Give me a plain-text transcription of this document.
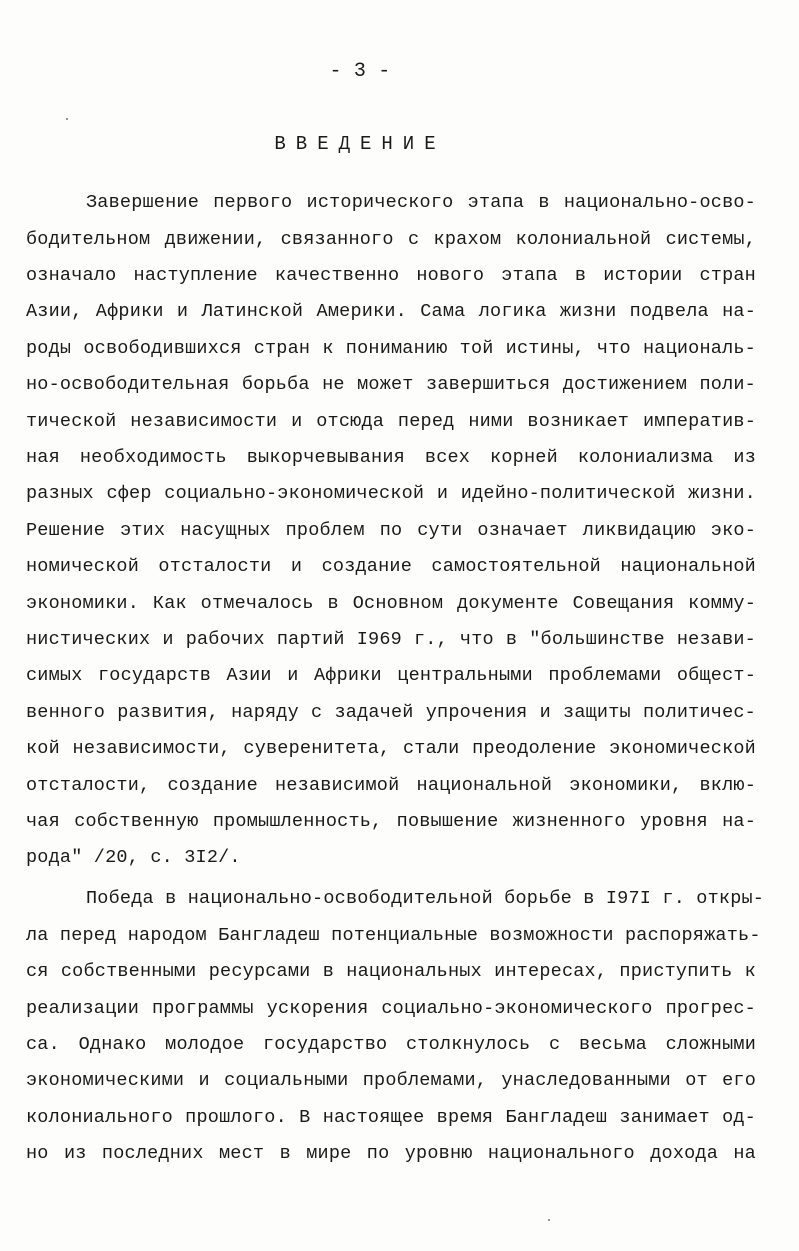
- 3 -
ВВЕДЕНИЕ
Завершение первого исторического этапа в национально-осво-
бодительном движении, связанного с крахом колониальной системы,
означало наступление качественно нового этапа в истории стран
Азии, Африки и Латинской Америки. Сама логика жизни подвела на-
роды освободившихся стран к пониманию той истины, что националь-
но-освободительная борьба не может завершиться достижением поли-
тической независимости и отсюда перед ними возникает императив-
ная необходимость выкорчевывания всех корней колониализма из
разных сфер социально-экономической и идейно-политической жизни.
Решение этих насущных проблем по сути означает ликвидацию эко-
номической отсталости и создание самостоятельной национальной
экономики. Как отмечалось в Основном документе Совещания комму-
нистических и рабочих партий I969 г., что в "большинстве незави-
симых государств Азии и Африки центральными проблемами общест-
венного развития, наряду с задачей упрочения и защиты политичес-
кой независимости, суверенитета, стали преодоление экономической
отсталости, создание независимой национальной экономики, вклю-
чая собственную промышленность, повышение жизненного уровня на-
рода" /20, с. 3I2/.
Победа в национально-освободительной борьбе в I97I г. откры-
ла перед народом Бангладеш потенциальные возможности распоряжать-
ся собственными ресурсами в национальных интересах, приступить к
реализации программы ускорения социально-экономического прогрес-
са. Однако молодое государство столкнулось с весьма сложными
экономическими и социальными проблемами, унаследованными от его
колониального прошлого. В настоящее время Бангладеш занимает од-
но из последних мест в мире по уровню национального дохода на
